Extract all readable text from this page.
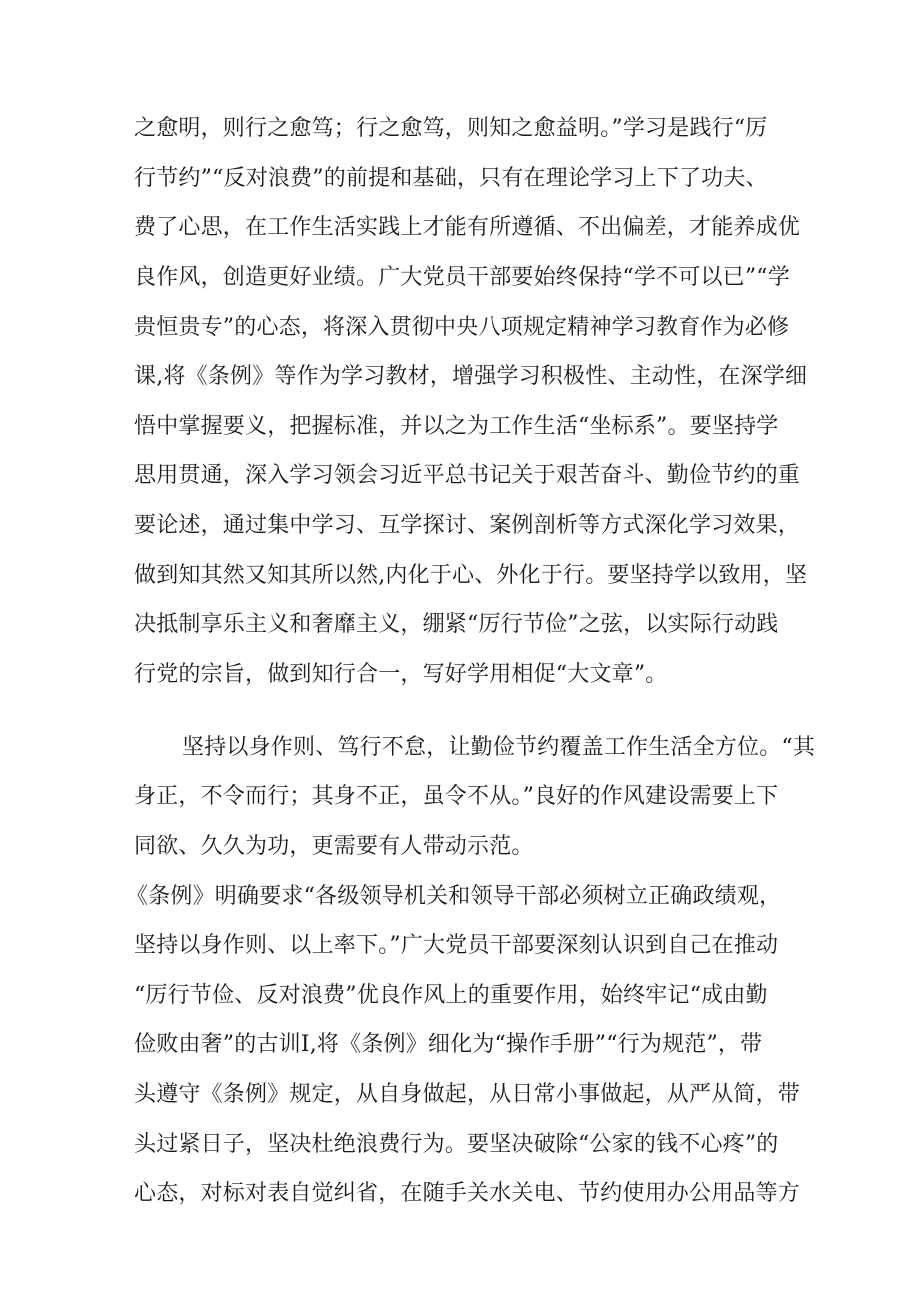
之愈明，则行之愈笃；行之愈笃，则知之愈益明。”学习是践行“厉
行节约”“反对浪费”的前提和基础，只有在理论学习上下了功夫、
费了心思，在工作生活实践上才能有所遵循、不出偏差，才能养成优
良作风，创造更好业绩。广大党员干部要始终保持“学不可以已”“学
贵恒贵专”的心态，将深入贯彻中央八项规定精神学习教育作为必修
课,将《条例》等作为学习教材，增强学习积极性、主动性，在深学细
悟中掌握要义，把握标准，并以之为工作生活“坐标系”。要坚持学
思用贯通，深入学习领会习近平总书记关于艰苦奋斗、勤俭节约的重
要论述，通过集中学习、互学探讨、案例剖析等方式深化学习效果，
做到知其然又知其所以然,内化于心、外化于行。要坚持学以致用，坚
决抵制享乐主义和奢靡主义，绷紧“厉行节俭”之弦，以实际行动践
行党的宗旨，做到知行合一，写好学用相促“大文章”。
坚持以身作则、笃行不怠，让勤俭节约覆盖工作生活全方位。“其
身正，不令而行；其身不正，虽令不从。”良好的作风建设需要上下
同欲、久久为功，更需要有人带动示范。
《条例》明确要求“各级领导机关和领导干部必须树立正确政绩观，
坚持以身作则、以上率下。”广大党员干部要深刻认识到自己在推动
“厉行节俭、反对浪费”优良作风上的重要作用，始终牢记“成由勤
俭败由奢”的古训I,将《条例》细化为“操作手册”“行为规范”，带
头遵守《条例》规定，从自身做起，从日常小事做起，从严从简，带
头过紧日子，坚决杜绝浪费行为。要坚决破除“公家的钱不心疼”的
心态，对标对表自觉纠省，在随手关水关电、节约使用办公用品等方
